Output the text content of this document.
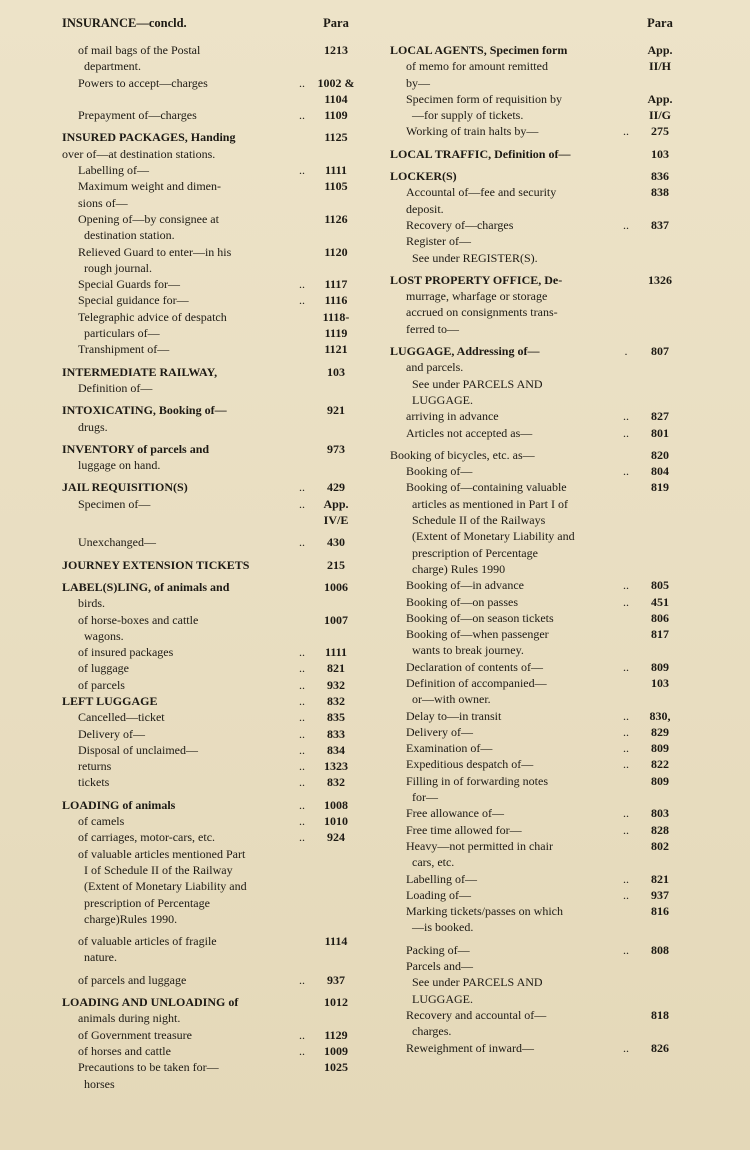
INSURANCE—concld.	Para
of mail bags of the Postal	1213
department.
Powers to accept—charges	..	1002 &
1104
Prepayment of—charges	..	1109
INSURED PACKAGES, Handing	1125
over of—at destination stations.
Labelling of—	..	1111
Maximum weight and dimen-	1105
sions of—
Opening of—by consignee at	1126
destination station.
Relieved Guard to enter—in his	1120
rough journal.
Special Guards for—	..	1117
Special guidance for—	..	1116
Telegraphic advice of despatch	1118-
particulars of—	1119
Transhipment of—	1121
INTERMEDIATE RAILWAY,	103
Definition of—
INTOXICATING, Booking of—	921
drugs.
INVENTORY of parcels and	973
luggage on hand.
JAIL REQUISITION(S)	..	429
Specimen of—	..	App.
IV/E
Unexchanged—	..	430
JOURNEY EXTENSION TICKETS	215
LABEL(S)LING, of animals and	1006
birds.
of horse-boxes and cattle	1007
wagons.
of insured packages	..	1111
of luggage	..	821
of parcels	..	932
LEFT LUGGAGE	..	832
Cancelled—ticket	..	835
Delivery of—	..	833
Disposal of unclaimed—	..	834
returns	..	1323
tickets	..	832
LOADING of animals	..	1008
of camels	..	1010
of carriages, motor-cars, etc.	..	924
of valuable articles mentioned Part
I of Schedule II of the Railway
(Extent of Monetary Liability and
prescription of Percentage
charge)Rules 1990.
of valuable articles of fragile	1114
nature.
of parcels and luggage	..	937
LOADING AND UNLOADING of	1012
animals during night.
of Government treasure	..	1129
of horses and cattle	..	1009
Precautions to be taken for—	1025
horses
Para
LOCAL AGENTS, Specimen form	App.
of memo for amount remitted	II/H
by—
Specimen form of requisition by	App.
—for supply of tickets.	II/G
Working of train halts by—	..	275
LOCAL TRAFFIC, Definition of—	103
LOCKER(S)	836
Accountal of—fee and security	838
deposit.
Recovery of—charges	..	837
Register of—
See under REGISTER(S).
LOST PROPERTY OFFICE, De-	1326
murrage, wharfage or storage
accrued on consignments trans-
ferred to—
LUGGAGE, Addressing of—	.	807
and parcels.
See under PARCELS AND
LUGGAGE.
arriving in advance	..	827
Articles not accepted as—	..	801
Booking of bicycles, etc. as—	820
Booking of—	..	804
Booking of—containing valuable	819
articles as mentioned in Part I of
Schedule II of the Railways
(Extent of Monetary Liability and
prescription of Percentage
charge) Rules 1990
Booking of—in advance	..	805
Booking of—on passes	..	451
Booking of—on season tickets	806
Booking of—when passenger	817
wants to break journey.
Declaration of contents of—	..	809
Definition of accompanied—	103
or—with owner.
Delay to—in transit	..	830,
Delivery of—	..	829
Examination of—	..	809
Expeditious despatch of—	..	822
Filling in of forwarding notes	809
for—
Free allowance of—	..	803
Free time allowed for—	..	828
Heavy—not permitted in chair	802
cars, etc.
Labelling of—	..	821
Loading of—	..	937
Marking tickets/passes on which	816
—is booked.
Packing of—	..	808
Parcels and—
See under PARCELS AND
LUGGAGE.
Recovery and accountal of—	818
charges.
Reweighment of inward—	..	826
